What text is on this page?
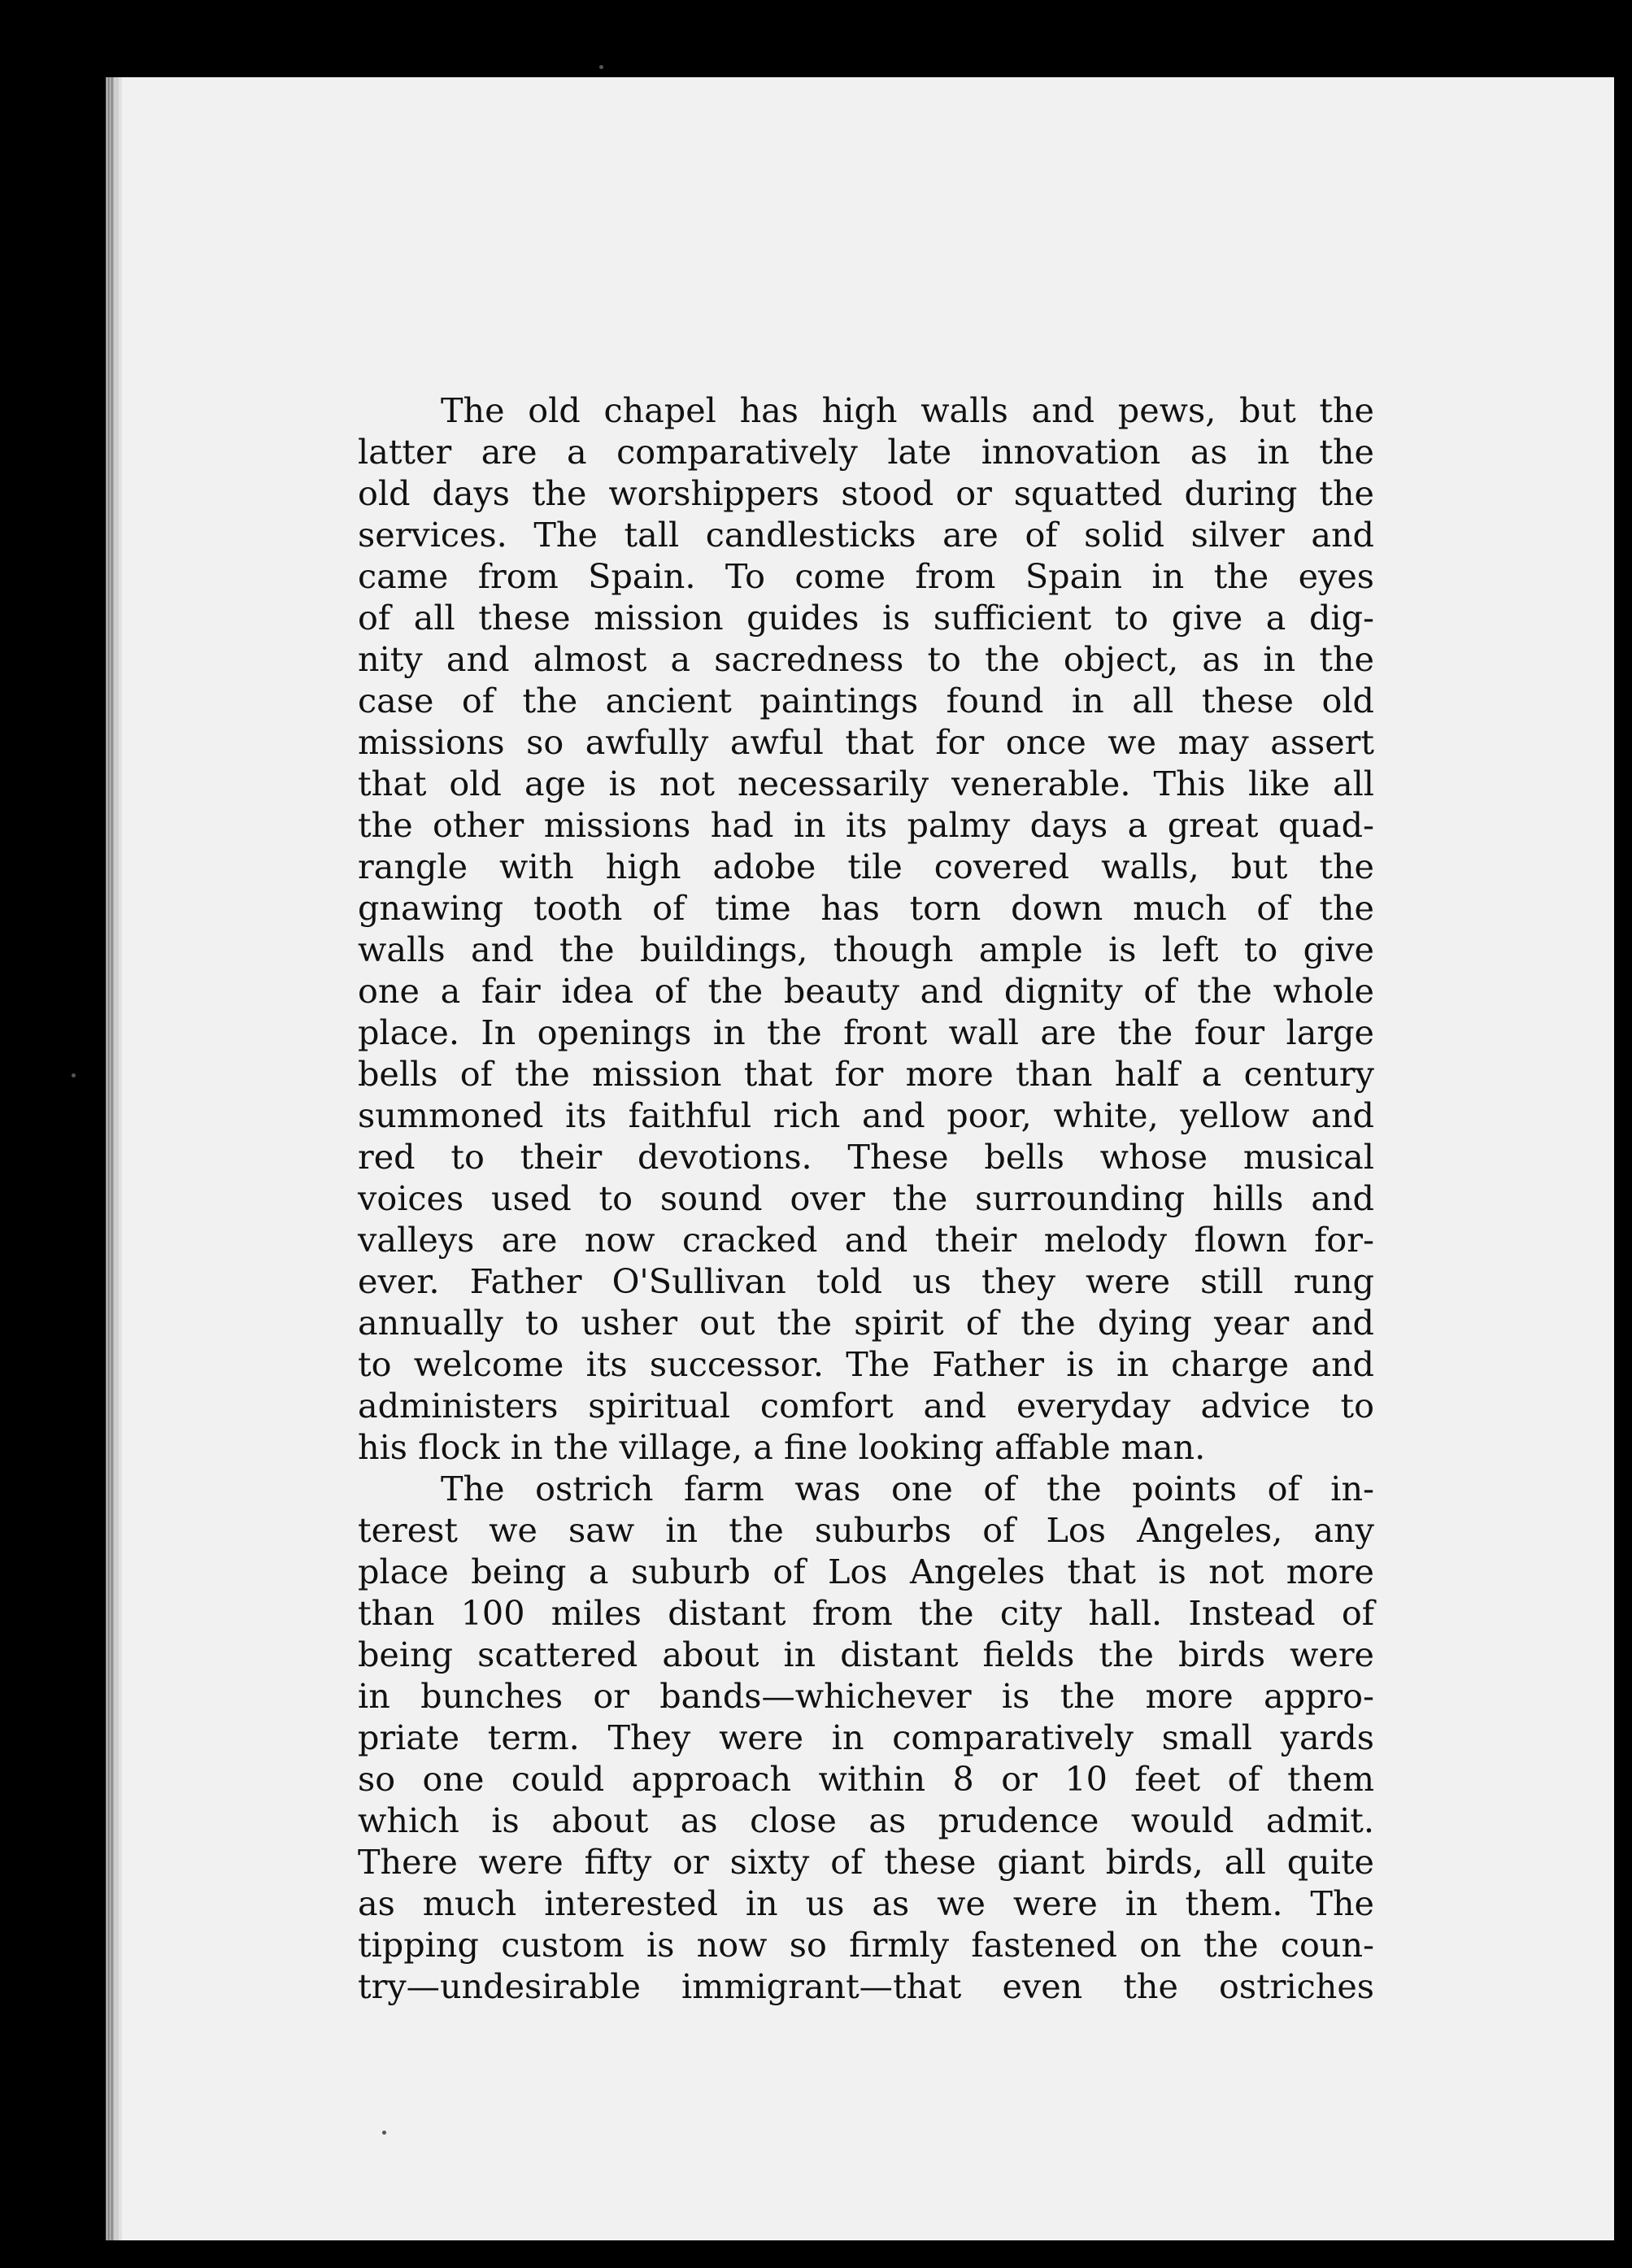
The old chapel has high walls and pews, but the
latter are a comparatively late innovation as in the
old days the worshippers stood or squatted during the
services. The tall candlesticks are of solid silver and
came from Spain. To come from Spain in the eyes
of all these mission guides is sufficient to give a dig-
nity and almost a sacredness to the object, as in the
case of the ancient paintings found in all these old
missions so awfully awful that for once we may assert
that old age is not necessarily venerable. This like all
the other missions had in its palmy days a great quad-
rangle with high adobe tile covered walls, but the
gnawing tooth of time has torn down much of the
walls and the buildings, though ample is left to give
one a fair idea of the beauty and dignity of the whole
place. In openings in the front wall are the four large
bells of the mission that for more than half a century
summoned its faithful rich and poor, white, yellow and
red to their devotions. These bells whose musical
voices used to sound over the surrounding hills and
valleys are now cracked and their melody flown for-
ever. Father O'Sullivan told us they were still rung
annually to usher out the spirit of the dying year and
to welcome its successor. The Father is in charge and
administers spiritual comfort and everyday advice to
his flock in the village, a fine looking affable man.
The ostrich farm was one of the points of in-
terest we saw in the suburbs of Los Angeles, any
place being a suburb of Los Angeles that is not more
than 100 miles distant from the city hall. Instead of
being scattered about in distant fields the birds were
in bunches or bands—whichever is the more appro-
priate term. They were in comparatively small yards
so one could approach within 8 or 10 feet of them
which is about as close as prudence would admit.
There were fifty or sixty of these giant birds, all quite
as much interested in us as we were in them. The
tipping custom is now so firmly fastened on the coun-
try—undesirable immigrant—that even the ostriches
